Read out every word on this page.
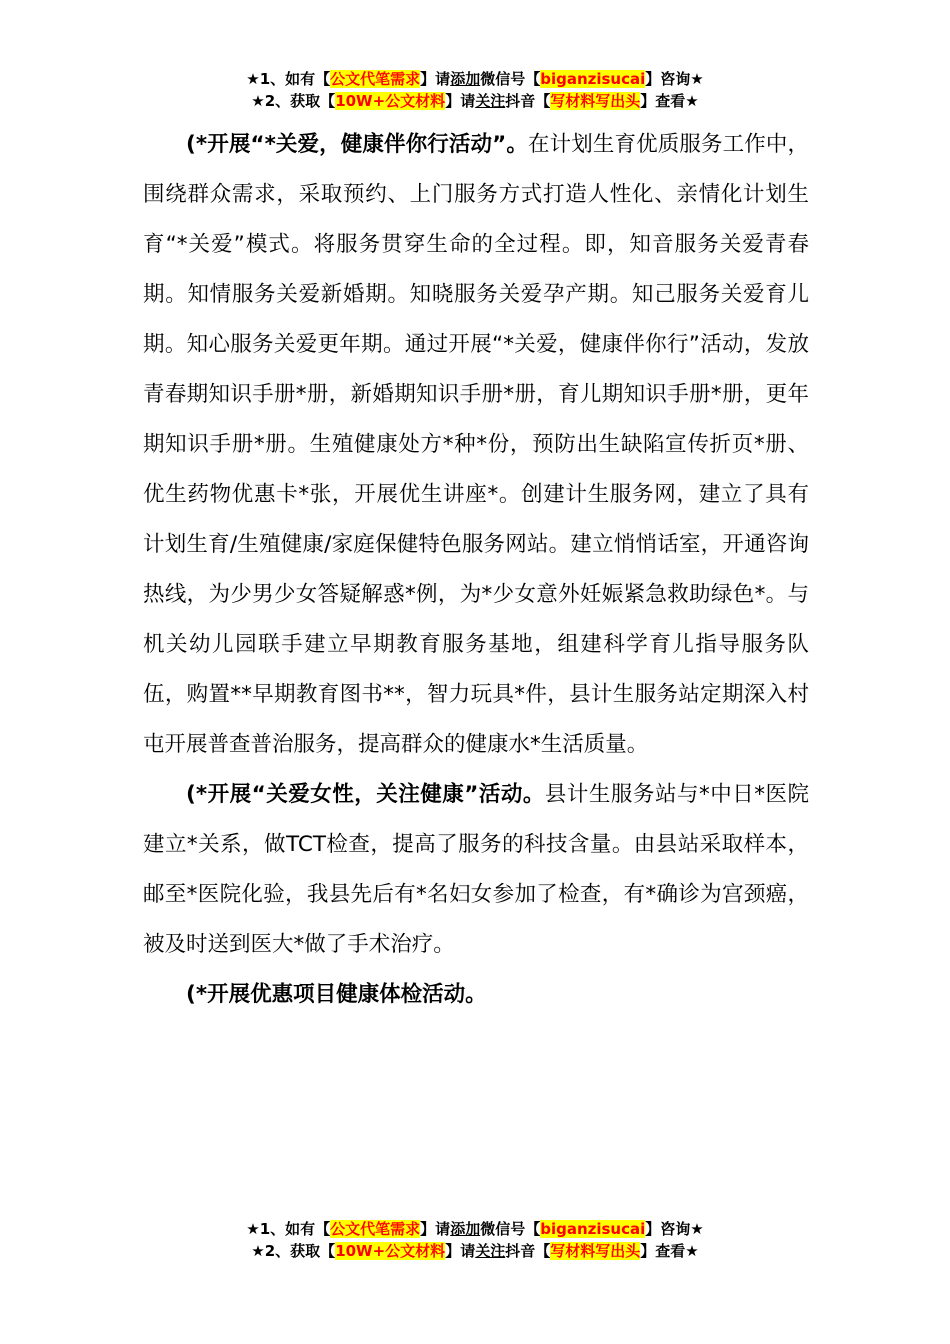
★1、如有【公文代笔需求】请添加微信号【biganzisucai】咨询★
★2、获取【10W+公文材料】请关注抖音【写材料写出头】查看★

(*开展“*关爱，健康伴你行活动”。在计划生育优质服务工作中，围绕群众需求，采取预约、上门服务方式打造人性化、亲情化计划生育“*关爱”模式。将服务贯穿生命的全过程。即，知音服务关爱青春期。知情服务关爱新婚期。知晓服务关爱孕产期。知己服务关爱育儿期。知心服务关爱更年期。通过开展“*关爱，健康伴你行”活动，发放青春期知识手册*册，新婚期知识手册*册，育儿期知识手册*册，更年期知识手册*册。生殖健康处方*种*份，预防出生缺陷宣传折页*册、优生药物优惠卡*张，开展优生讲座*。创建计生服务网，建立了具有计划生育/生殖健康/家庭保健特色服务网站。建立悄悄话室，开通咨询热线，为少男少女答疑解惑*例，为*少女意外妊娠紧急救助绿色*。与机关幼儿园联手建立早期教育服务基地，组建科学育儿指导服务队伍，购置**早期教育图书**，智力玩具*件，县计生服务站定期深入村屯开展普查普治服务，提高群众的健康水*生活质量。

(*开展“关爱女性，关注健康”活动。县计生服务站与*中日*医院建立*关系，做TCT检查，提高了服务的科技含量。由县站采取样本，邮至*医院化验，我县先后有*名妇女参加了检查，有*确诊为宫颈癌，被及时送到医大*做了手术治疗。

(*开展优惠项目健康体检活动。

★1、如有【公文代笔需求】请添加微信号【biganzisucai】咨询★
★2、获取【10W+公文材料】请关注抖音【写材料写出头】查看★
